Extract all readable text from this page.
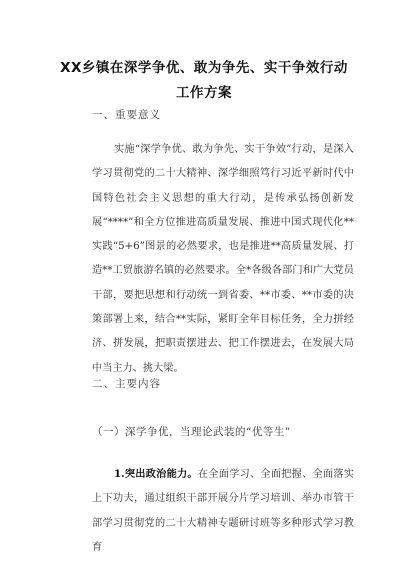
XX乡镇在深学争优、敢为争先、实干争效行动
工作方案
一、重要意义
实施“深学争优、敢为争先、实干争效”行动，是深入学习贯彻党的二十大精神、深学细照笃行习近平新时代中国特色社会主义思想的重大行动，是传承弘扬创新发展“****”和全方位推进高质量发展、推进中国式现代化**实践“5+6”图景的必然要求，也是推进**高质量发展、打造**工贸旅游名镇的必然要求。全*各级各部门和广大党员干部，要把思想和行动统一到省委、**市委、**市委的决策部署上来，结合**实际，紧盯全年目标任务，全力拼经济、拼发展，把职责摆进去、把工作摆进去，在发展大局中当主力、挑大梁。
二、主要内容
（一）深学争优，当理论武装的“优等生”
1.突出政治能力。在全面学习、全面把握、全面落实上下功夫，通过组织干部开展分片学习培训、举办市管干部学习贯彻党的二十大精神专题研讨班等多种形式学习教育
